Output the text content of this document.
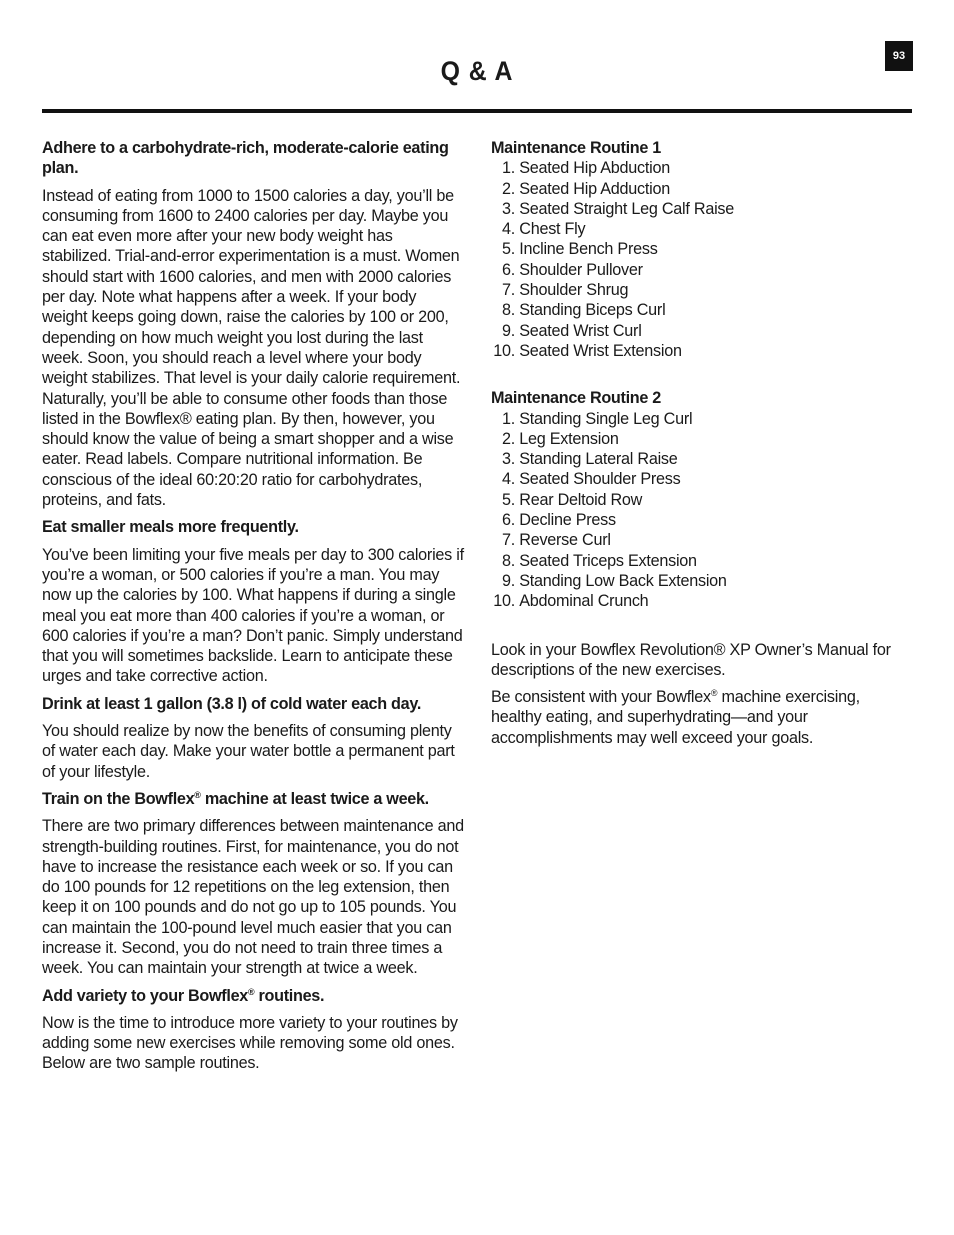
93
Q & A

Adhere to a carbohydrate-rich, moderate-calorie eating plan.

Instead of eating from 1000 to 1500 calories a day, you’ll be consuming from 1600 to 2400 calories per day. Maybe you can eat even more after your new body weight has stabilized. Trial-and-error experimentation is a must. Women should start with 1600 calories, and men with 2000 calories per day. Note what happens after a week. If your body weight keeps going down, raise the calories by 100 or 200, depending on how much weight you lost during the last week. Soon, you should reach a level where your body weight stabilizes. That level is your daily calorie requirement. Naturally, you’ll be able to consume other foods than those listed in the Bowflex® eating plan. By then, however, you should know the value of being a smart shopper and a wise eater. Read labels. Compare nutritional information. Be conscious of the ideal 60:20:20 ratio for carbohydrates, proteins, and fats.

Eat smaller meals more frequently.

You’ve been limiting your five meals per day to 300 calories if you’re a woman, or 500 calories if you’re a man. You may now up the calories by 100. What happens if during a single meal you eat more than 400 calories if you’re a woman, or 600 calories if you’re a man? Don’t panic. Simply understand that you will sometimes backslide. Learn to anticipate these urges and take corrective action.

Drink at least 1 gallon (3.8 l) of cold water each day.

You should realize by now the benefits of consuming plenty of water each day. Make your water bottle a permanent part of your lifestyle.

Train on the Bowflex® machine at least twice a week.

There are two primary differences between maintenance and strength-building routines. First, for maintenance, you do not have to increase the resistance each week or so. If you can do 100 pounds for 12 repetitions on the leg extension, then keep it on 100 pounds and do not go up to 105 pounds. You can maintain the 100-pound level much easier that you can increase it. Second, you do not need to train three times a week. You can maintain your strength at twice a week.

Add variety to your Bowflex® routines.

Now is the time to introduce more variety to your routines by adding some new exercises while removing some old ones. Below are two sample routines.

Maintenance Routine 1

1.
Seated Hip Abduction
2.
Seated Hip Adduction
3.
Seated Straight Leg Calf Raise
4.
Chest Fly
5.
Incline Bench Press
6.
Shoulder Pullover
7.
Shoulder Shrug
8.
Standing Biceps Curl
9.
Seated Wrist Curl
10.
Seated Wrist Extension

Maintenance Routine 2

1.
Standing Single Leg Curl
2.
Leg Extension
3.
Standing Lateral Raise
4.
Seated Shoulder Press
5.
Rear Deltoid Row
6.
Decline Press
7.
Reverse Curl
8.
Seated Triceps Extension
9.
Standing Low Back Extension
10.
Abdominal Crunch

Look in your Bowflex Revolution® XP Owner’s Manual for descriptions of the new exercises.

Be consistent with your Bowflex® machine exercising, healthy eating, and superhydrating—and your accomplishments may well exceed your goals.
